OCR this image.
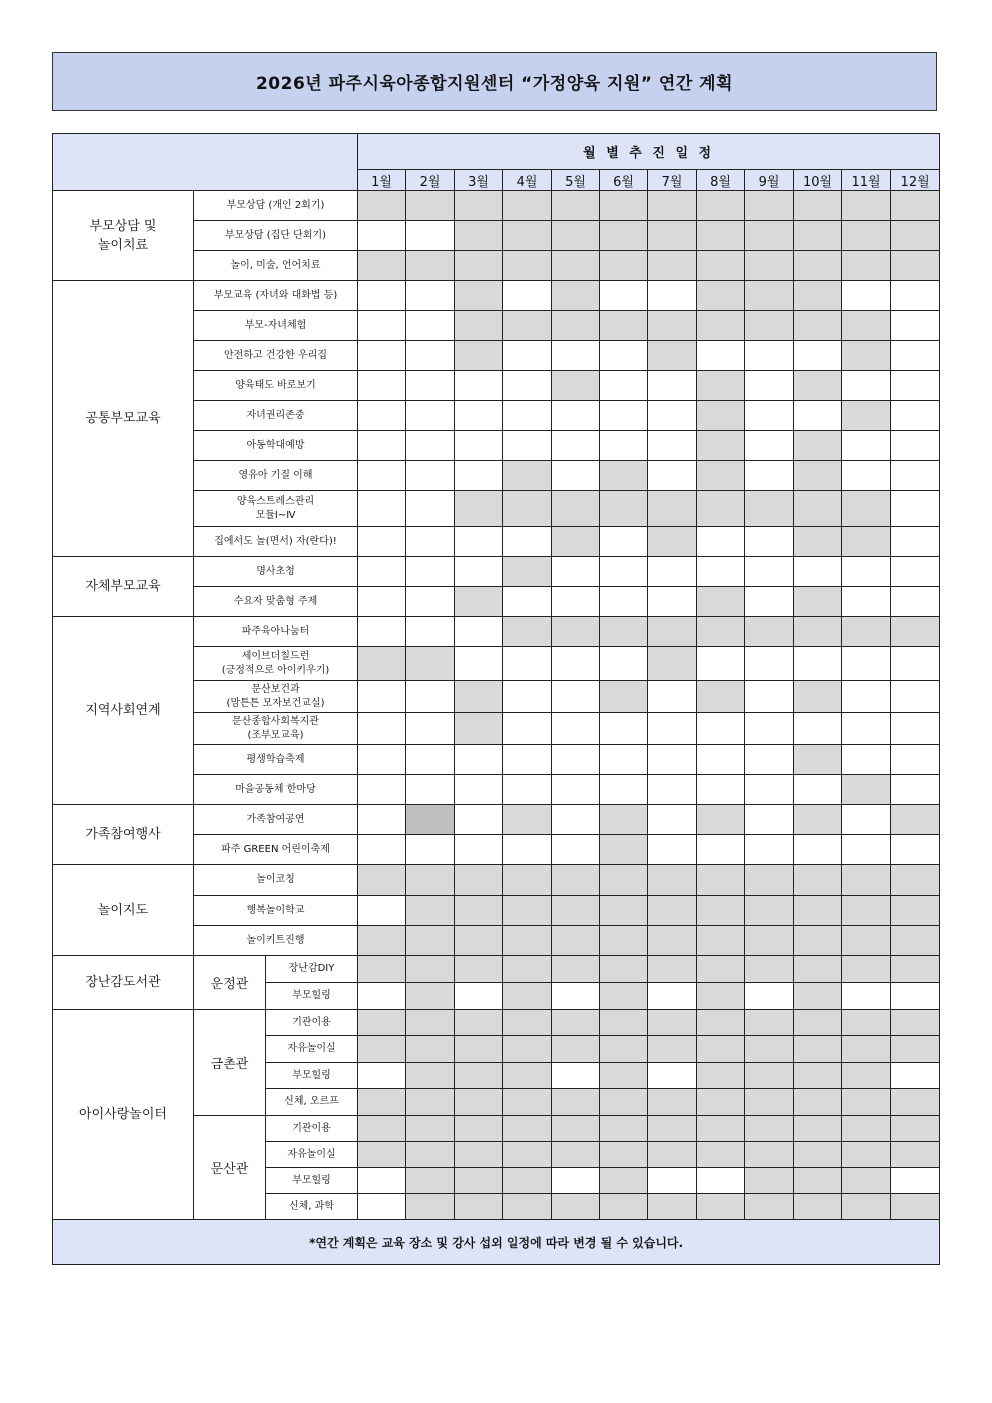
2026년 파주시육아종합지원센터 “가정양육 지원” 연간 계획
			월 별 추 진 일 정											
			1월	2월	3월	4월	5월	6월	7월	8월	9월	10월	11월	12월
부모상담 및
놀이치료	부모상담 (개인 2회기)													
	부모상담 (집단 단회기)													
	놀이, 미술, 언어치료													
공통부모교육	부모교육 (자녀와 대화법 등)													
	부모-자녀체험													
	안전하고 건강한 우리집													
	양육태도 바로보기													
	자녀권리존중													
	아동학대예방													
	영유아 기질 이해													
	양육스트레스관리
모듈Ⅰ~Ⅳ													
	집에서도 놀(면서) 자(란다)!													
자체부모교육	명사초청													
	수요자 맞춤형 주제													
지역사회연계	파주육아나눔터													
	세이브더칠드런
(긍정적으로 아이키우기)													
	문산보건과
(맘튼튼 모자보건교실)													
	문산종합사회복지관
(조부모교육)													
	평생학습축제													
	마을공동체 한마당													
가족참여행사	가족참여공연													
	파주 GREEN 어린이축제													
놀이지도	놀이코칭													
	행복놀이학교													
	놀이키트진행													
장난감도서관	운정관	장난감DIY												
		부모힐링												
아이사랑놀이터	금촌관	기관이용												
		자유놀이실												
		부모힐링												
		신체, 오르프												
	문산관	기관이용												
		자유놀이실												
		부모힐링												
		신체, 과학												
*연간 계획은 교육 장소 및 강사 섭외 일정에 따라 변경 될 수 있습니다.														
